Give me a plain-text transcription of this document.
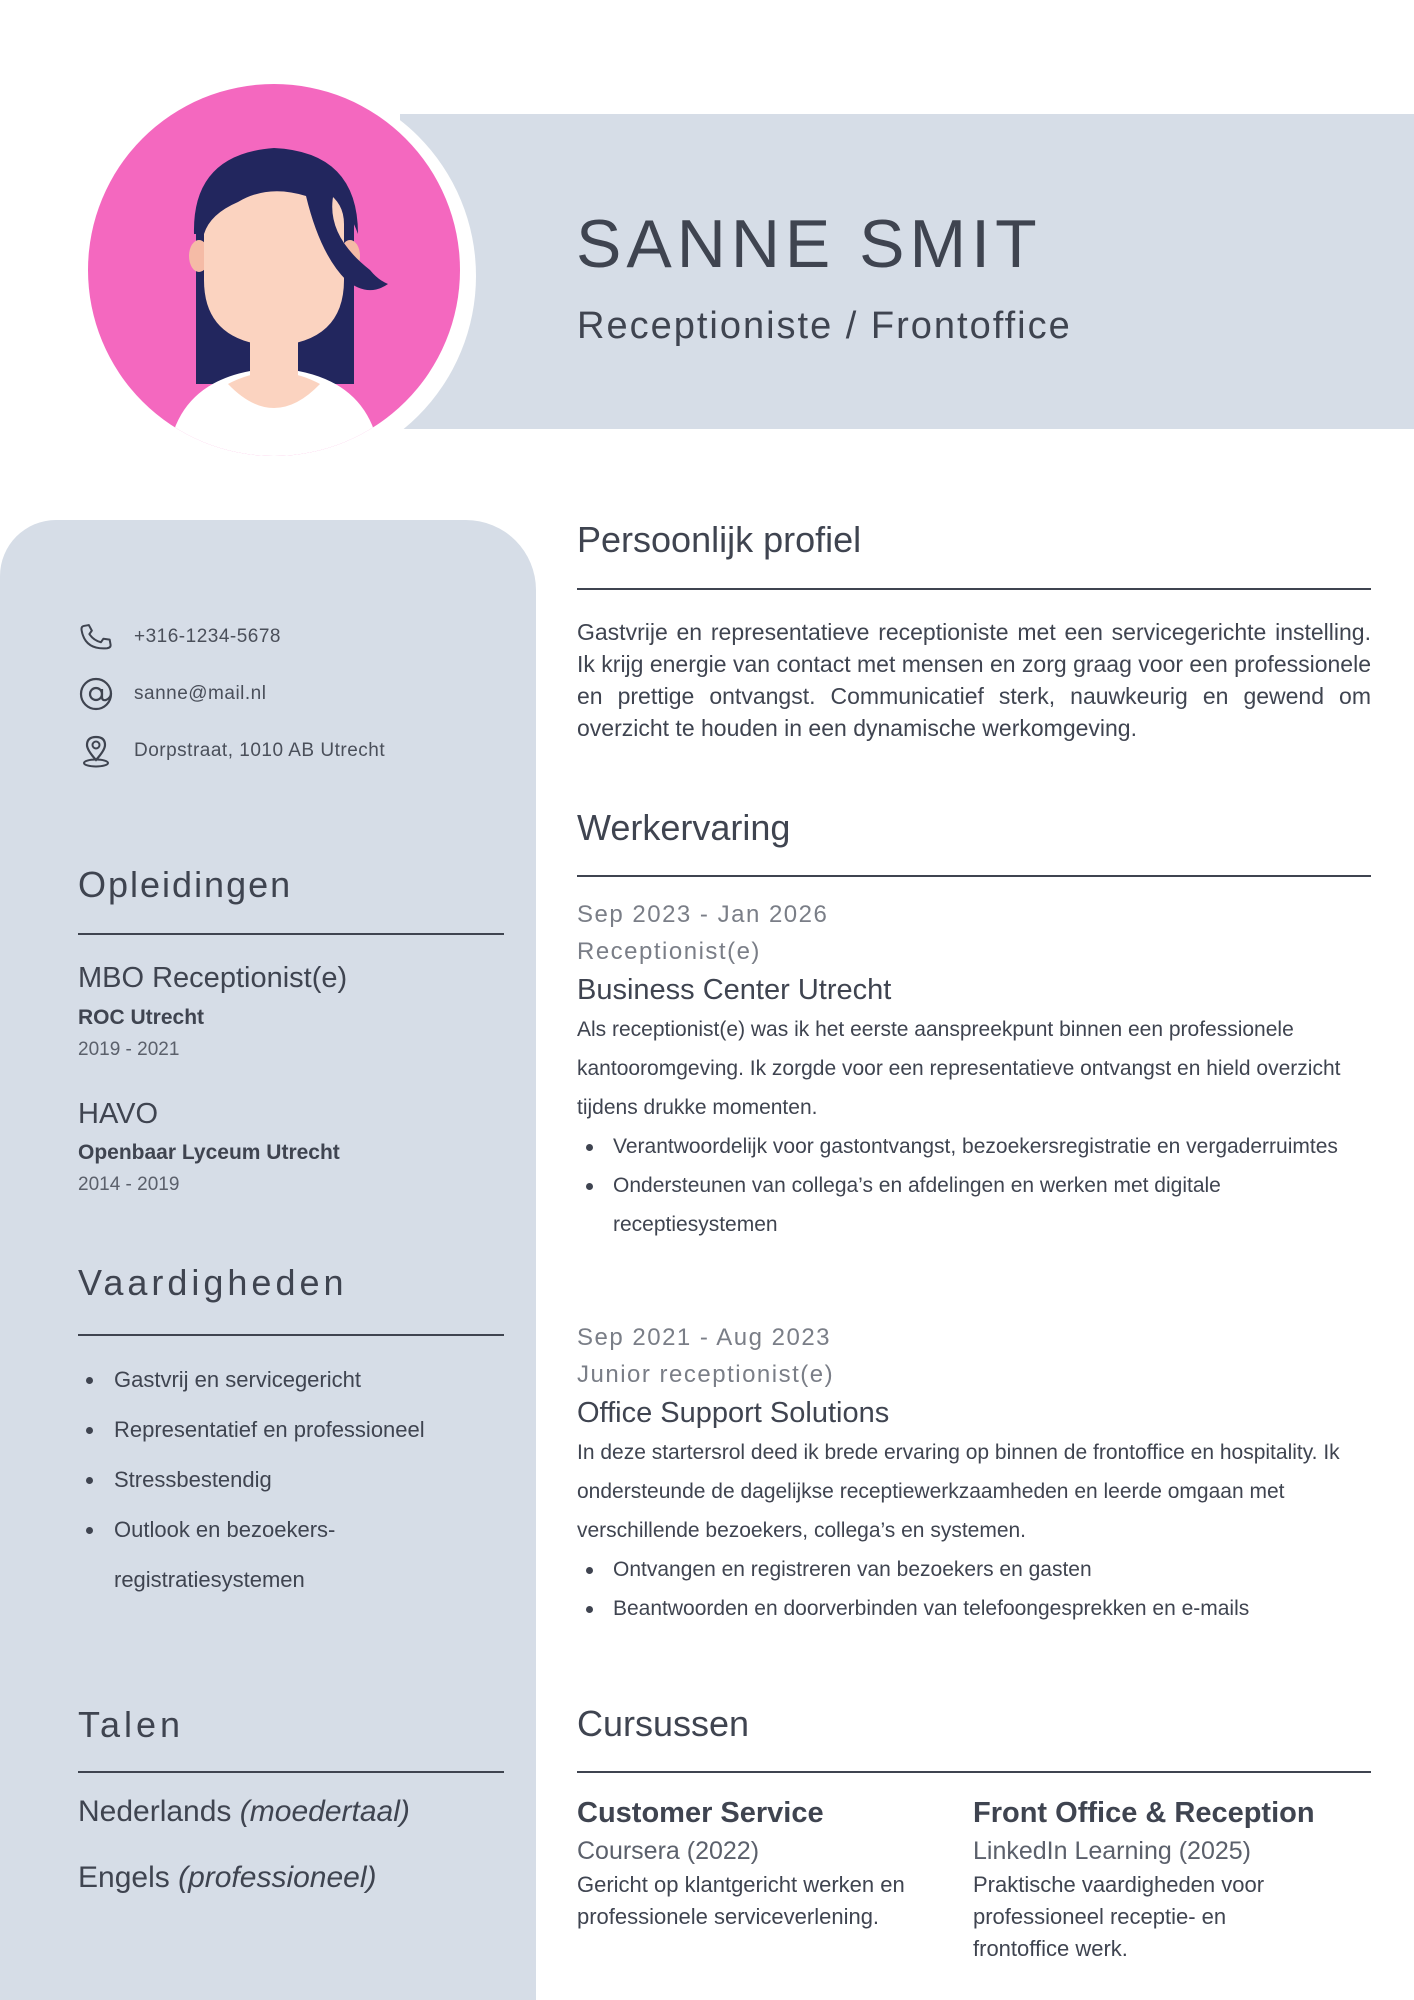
SANNE SMIT
Receptioniste / Frontoffice
+316-1234-5678
sanne@mail.nl
Dorpstraat, 1010 AB Utrecht
Opleidingen
MBO Receptionist(e)
ROC Utrecht
2019 - 2021
HAVO
Openbaar Lyceum Utrecht
2014 - 2019
Vaardigheden
Gastvrij en servicegericht
Representatief en professioneel
Stressbestendig
Outlook en bezoekers-registratiesystemen
Talen
Nederlands (moedertaal)
Engels (professioneel)
Persoonlijk profiel
Gastvrije en representatieve receptioniste met een servicegerichte instelling. Ik krijg energie van contact met mensen en zorg graag voor een professionele en prettige ontvangst. Communicatief sterk, nauwkeurig en gewend om overzicht te houden in een dynamische werkomgeving.
Werkervaring
Sep 2023 - Jan 2026
Receptionist(e)
Business Center Utrecht
Als receptionist(e) was ik het eerste aanspreekpunt binnen een professionele kantooromgeving. Ik zorgde voor een representatieve ontvangst en hield overzicht tijdens drukke momenten.
Verantwoordelijk voor gastontvangst, bezoekersregistratie en vergaderruimtes
Ondersteunen van collega’s en afdelingen en werken met digitale receptiesystemen
Sep 2021 - Aug 2023
Junior receptionist(e)
Office Support Solutions
In deze startersrol deed ik brede ervaring op binnen de frontoffice en hospitality. Ik ondersteunde de dagelijkse receptiewerkzaamheden en leerde omgaan met verschillende bezoekers, collega’s en systemen.
Ontvangen en registreren van bezoekers en gasten
Beantwoorden en doorverbinden van telefoongesprekken en e-mails
Cursussen
Customer Service
Coursera (2022)
Gericht op klantgericht werken en professionele serviceverlening.
Front Office & Reception
LinkedIn Learning (2025)
Praktische vaardigheden voor professioneel receptie- en frontoffice werk.
